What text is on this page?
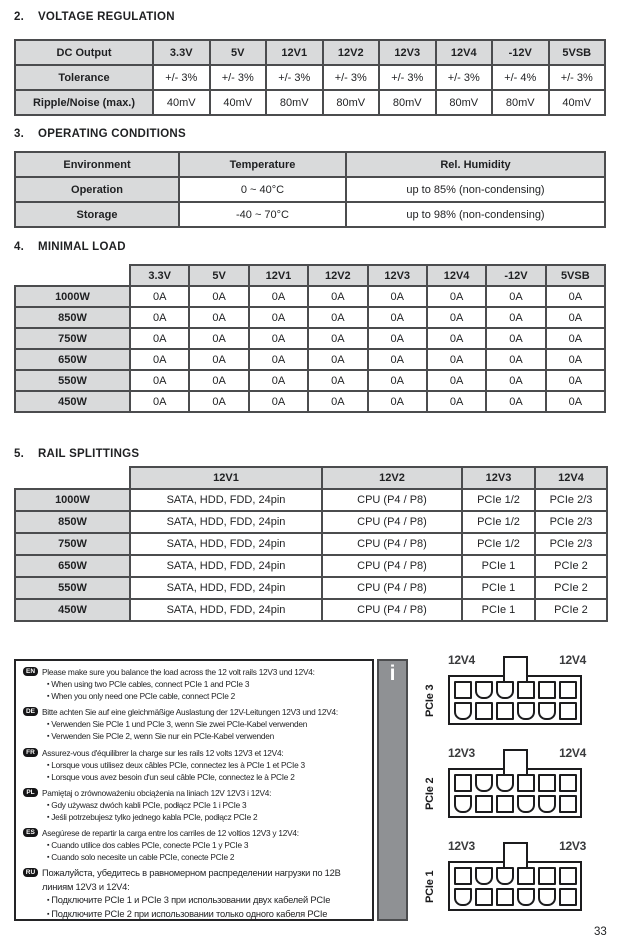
2.	VOLTAGE REGULATION
DC Output	3.3V	5V	12V1	12V2	12V3	12V4	-12V	5VSB
Tolerance	+/- 3%	+/- 3%	+/- 3%	+/- 3%	+/- 3%	+/- 3%	+/- 4%	+/- 3%
Ripple/Noise (max.)	40mV	40mV	80mV	80mV	80mV	80mV	80mV	40mV
3.	OPERATING CONDITIONS
Environment	Temperature	Rel. Humidity
Operation	0 ~ 40°C	up to 85% (non-condensing)
Storage	-40 ~ 70°C	up to 98% (non-condensing)
4.	MINIMAL LOAD
	3.3V	5V	12V1	12V2	12V3	12V4	-12V	5VSB
1000W	0A	0A	0A	0A	0A	0A	0A	0A
850W	0A	0A	0A	0A	0A	0A	0A	0A
750W	0A	0A	0A	0A	0A	0A	0A	0A
650W	0A	0A	0A	0A	0A	0A	0A	0A
550W	0A	0A	0A	0A	0A	0A	0A	0A
450W	0A	0A	0A	0A	0A	0A	0A	0A
5.	RAIL SPLITTINGS
	12V1	12V2	12V3	12V4
1000W	SATA, HDD, FDD, 24pin	CPU (P4 / P8)	PCIe 1/2	PCIe 2/3
850W	SATA, HDD, FDD, 24pin	CPU (P4 / P8)	PCIe 1/2	PCIe 2/3
750W	SATA, HDD, FDD, 24pin	CPU (P4 / P8)	PCIe 1/2	PCIe 2/3
650W	SATA, HDD, FDD, 24pin	CPU (P4 / P8)	PCIe 1	PCIe 2
550W	SATA, HDD, FDD, 24pin	CPU (P4 / P8)	PCIe 1	PCIe 2
450W	SATA, HDD, FDD, 24pin	CPU (P4 / P8)	PCIe 1	PCIe 2
EN Please make sure you balance the load across the 12 volt rails 12V3 und 12V4:
▪ When using two PCIe cables, connect PCIe 1 and PCIe 3
▪ When you only need one PCIe cable, connect PCIe 2
DE Bitte achten Sie auf eine gleichmäßige Auslastung der 12V-Leitungen 12V3 und 12V4:
▪ Verwenden Sie PCIe 1 und PCIe 3, wenn Sie zwei PCIe-Kabel verwenden
▪ Verwenden Sie PCIe 2, wenn Sie nur ein PCIe-Kabel verwenden
FR Assurez-vous d'équilibrer la charge sur les rails 12 volts 12V3 et 12V4:
▪ Lorsque vous utilisez deux câbles PCIe, connectez les à PCIe 1 et PCIe 3
▪ Lorsque vous avez besoin d'un seul câble PCIe, connectez le à PCIe 2
PL Pamiętaj o zrównoważeniu obciążenia na liniach 12V 12V3 i 12V4:
▪ Gdy używasz dwóch kabli PCIe, podłącz PCIe 1 i PCIe 3
▪ Jeśli potrzebujesz tylko jednego kabla PCIe, podłącz PCIe 2
ES Asegúrese de repartir la carga entre los carriles de 12 voltios 12V3 y 12V4:
▪ Cuando utilice dos cables PCIe, conecte PCIe 1 y PCIe 3
▪ Cuando solo necesite un cable PCIe, conecte PCIe 2
RU Пожалуйста, убедитесь в равномерном распределении нагрузки по 12В линиям 12V3 и 12V4:
▪ Подключите PCIe 1 и PCIe 3 при использовании двух кабелей PCIe
▪ Подключите PCIe 2 при использовании только одного кабеля PCIe
i
12V4	12V4
PCIe 3
12V3	12V4
PCIe 2
12V3	12V3
PCIe 1
33
